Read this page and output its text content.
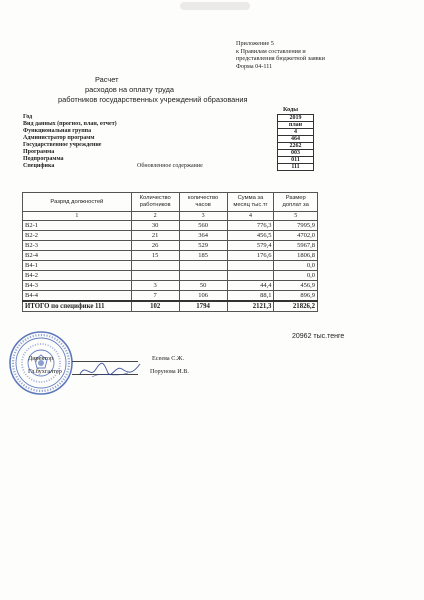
Приложение 5
к Правилам составления и
представления бюджетной заявки
Форма 04-111
Расчет
расходов на оплату труда
работников государственных учреждений образования
Коды
Год	2019
Вид данных (прогноз, план, отчет)	план
Функциональная группа	4
Администратор программ	464
Государственное учреждение	2262
Программа	003
Подпрограмма	011
Специфика	Обновленное содержание	111
Разряд должностей	Количество работников	количество часов	Сумма за месяц тыс.тг	Размер доплат за
1	2	3	4	5
B2-1	30	560	776,3	7995,9
B2-2	21	364	456,5	4702,0
B2-3	26	529	579,4	5967,8
B2-4	15	185	176,6	1806,8
B4-1				0,0
B4-2				0,0
B4-3	3	50	44,4	456,9
B4-4	7	106	88,1	896,9
ИТОГО по специфике 111	102	1794	2121,3	21826,2
20962 тыс.тенге
Директор	Есеева С.Ж.
Гл.бухгалтер	Порунова И.В.
